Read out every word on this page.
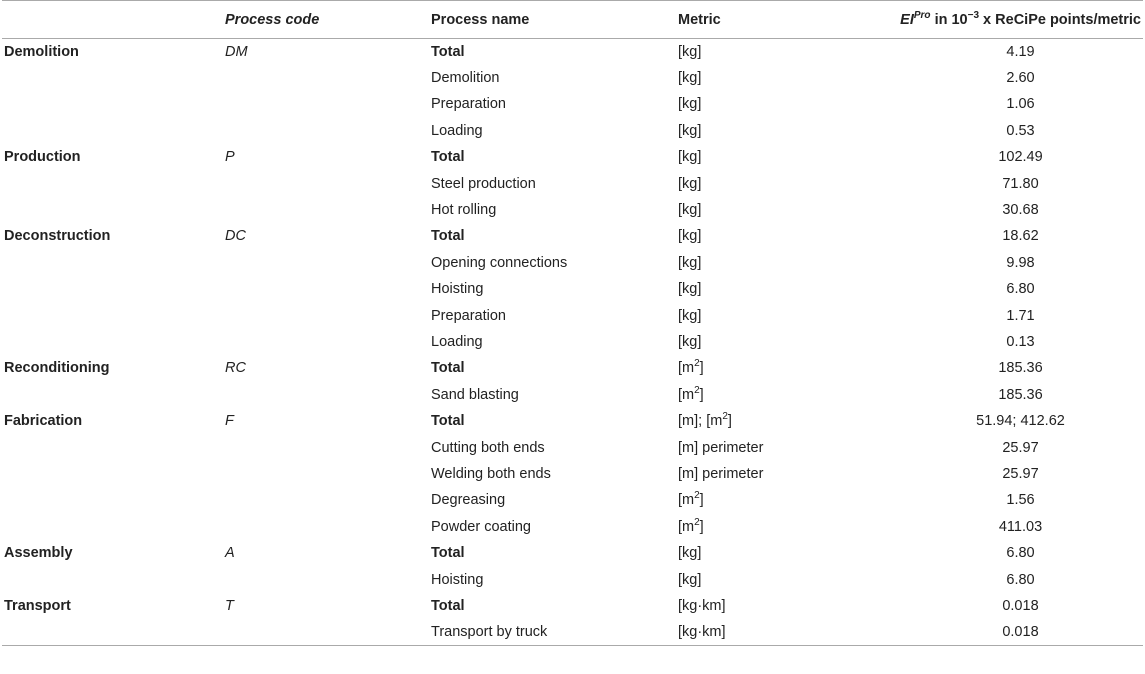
	Process code	Process name	Metric	$EI^{Pro}$ in $10^{-3}$ x ReCiPe points/metric
Demolition	DM	Total	[kg]	4.19
		Demolition	[kg]	2.60
		Preparation	[kg]	1.06
		Loading	[kg]	0.53
Production	P	Total	[kg]	102.49
		Steel production	[kg]	71.80
		Hot rolling	[kg]	30.68
Deconstruction	DC	Total	[kg]	18.62
		Opening connections	[kg]	9.98
		Hoisting	[kg]	6.80
		Preparation	[kg]	1.71
		Loading	[kg]	0.13
Reconditioning	RC	Total	$[m^2]$	185.36
		Sand blasting	$[m^2]$	185.36
Fabrication	F	Total	[m]; $[m^2]$	51.94; 412.62
		Cutting both ends	[m] perimeter	25.97
		Welding both ends	[m] perimeter	25.97
		Degreasing	$[m^2]$	1.56
		Powder coating	$[m^2]$	411.03
Assembly	A	Total	[kg]	6.80
		Hoisting	[kg]	6.80
Transport	T	Total	[kg·km]	0.018
		Transport by truck	[kg·km]	0.018
